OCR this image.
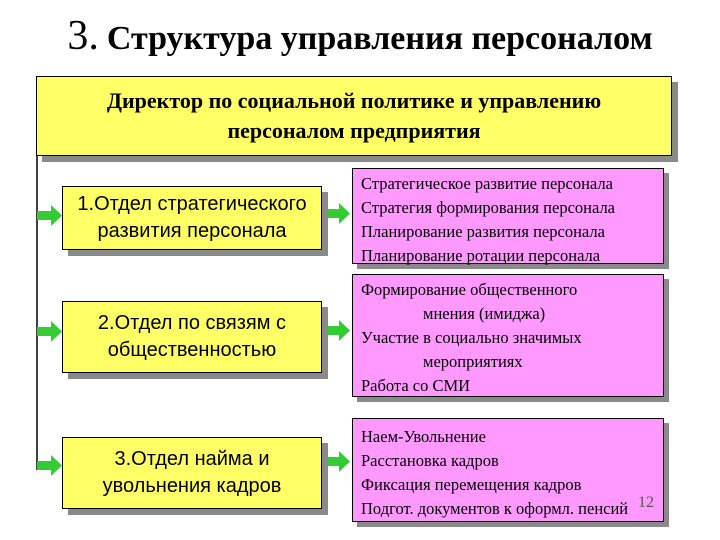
3. Структура управления персоналом
Директор по социальной политике и управлению персоналом предприятия
1.Отдел стратегического развития персонала
Стратегическое развитие персонала
Стратегия формирования персонала
Планирование развития персонала
Планирование ротации персонала
2.Отдел по связям с общественностью
Формирование общественного
мнения (имиджа)
Участие в социально значимых
мероприятиях
Работа со СМИ
3.Отдел найма и увольнения кадров
Наем-Увольнение
Расстановка кадров
Фиксация перемещения кадров
Подгот. документов к оформл. пенсий 12
